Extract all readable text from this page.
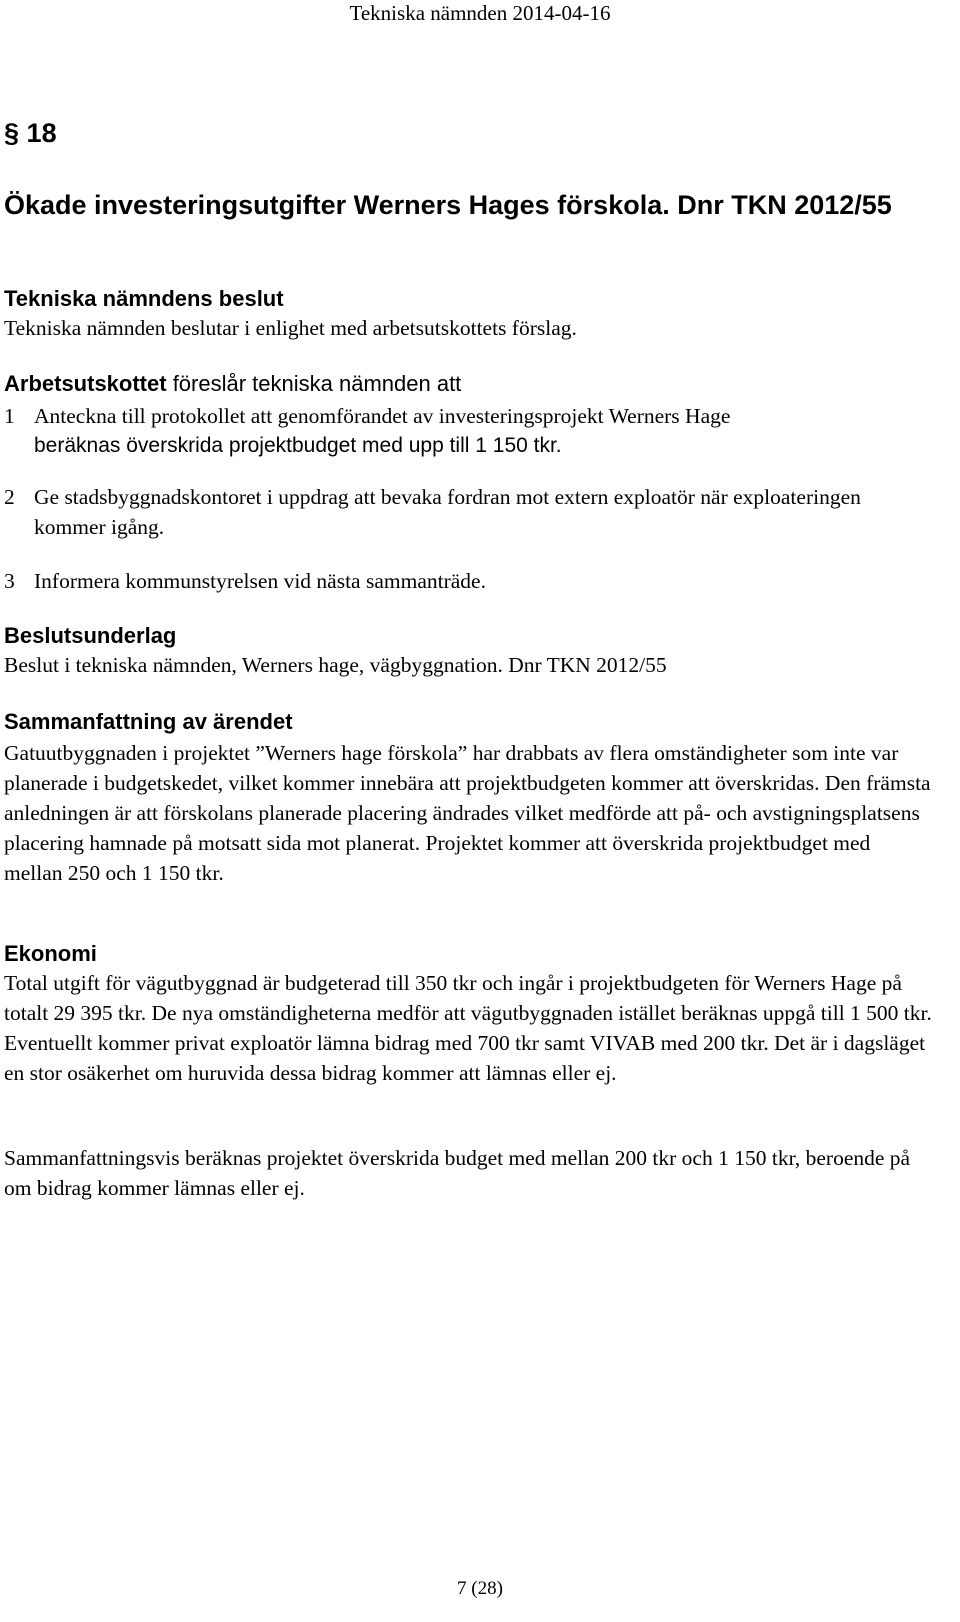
Tekniska nämnden 2014-04-16
§ 18
Ökade investeringsutgifter Werners Hages förskola. Dnr TKN 2012/55
Tekniska nämndens beslut

Tekniska nämnden beslutar i enlighet med arbetsutskottets förslag.

Arbetsutskottet föreslår tekniska nämnden att
1 Anteckna till protokollet att genomförandet av investeringsprojekt Werners Hage
beräknas överskrida projektbudget med upp till 1 150 tkr.
2 Ge stadsbyggnadskontoret i uppdrag att bevaka fordran mot extern exploatör när exploateringen kommer igång.
3 Informera kommunstyrelsen vid nästa sammanträde.
Beslutsunderlag

Beslut i tekniska nämnden, Werners hage, vägbyggnation. Dnr TKN 2012/55

Sammanfattning av ärendet

Gatuutbyggnaden i projektet ”Werners hage förskola” har drabbats av flera omständigheter som inte var planerade i budgetskedet, vilket kommer innebära att projektbudgeten kommer att överskridas. Den främsta anledningen är att förskolans planerade placering ändrades vilket medförde att på- och avstigningsplatsens placering hamnade på motsatt sida mot planerat. Projektet kommer att överskrida projektbudget med mellan 250 och 1 150 tkr.

Ekonomi

Total utgift för vägutbyggnad är budgeterad till 350 tkr och ingår i projektbudgeten för Werners Hage på totalt 29 395 tkr. De nya omständigheterna medför att vägutbyggnaden istället beräknas uppgå till 1 500 tkr. Eventuellt kommer privat exploatör lämna bidrag med 700 tkr samt VIVAB med 200 tkr. Det är i dagsläget en stor osäkerhet om huruvida dessa bidrag kommer att lämnas eller ej.

Sammanfattningsvis beräknas projektet överskrida budget med mellan 200 tkr och 1 150 tkr, beroende på om bidrag kommer lämnas eller ej.

7 (28)
